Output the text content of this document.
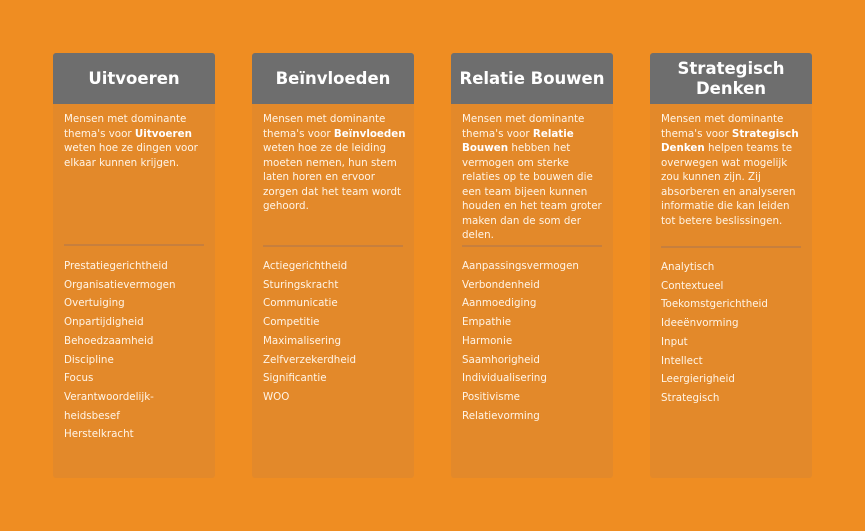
Uitvoeren

Mensen met dominante thema's voor Uitvoeren weten hoe ze dingen voor elkaar kunnen krijgen.

Prestatiegerichtheid
Organisatievermogen
Overtuiging
Onpartijdigheid
Behoedzaamheid
Discipline
Focus
Verantwoordelijk-
heidsbesef
Herstelkracht
Beïnvloeden

Mensen met dominante thema's voor Beïnvloeden weten hoe ze de leiding moeten nemen, hun stem laten horen en ervoor zorgen dat het team wordt gehoord.

Actiegerichtheid
Sturingskracht
Communicatie
Competitie
Maximalisering
Zelfverzekerdheid
Significantie
WOO
Relatie Bouwen

Mensen met dominante thema's voor Relatie Bouwen hebben het vermogen om sterke relaties op te bouwen die een team bijeen kunnen houden en het team groter maken dan de som der delen.

Aanpassingsvermogen
Verbondenheid
Aanmoediging
Empathie
Harmonie
Saamhorigheid
Individualisering
Positivisme
Relatievorming
Strategisch Denken

Mensen met dominante thema's voor Strategisch Denken helpen teams te overwegen wat mogelijk zou kunnen zijn. Zij absorberen en analyseren informatie die kan leiden tot betere beslissingen.

Analytisch
Contextueel
Toekomstgerichtheid
Ideeënvorming
Input
Intellect
Leergierigheid
Strategisch
